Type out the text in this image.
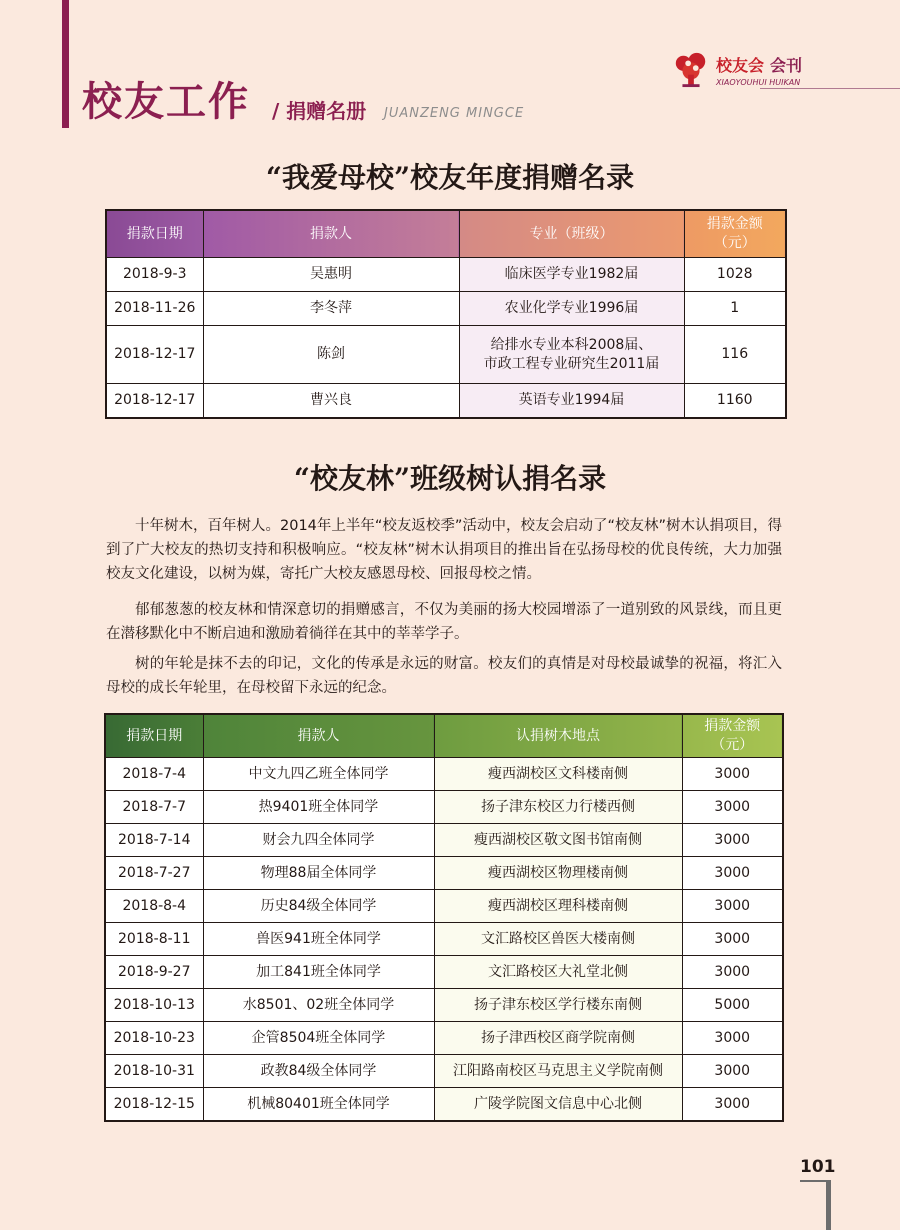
校友工作 / 捐赠名册 JUANZENG MINGCE
校友会 会刊
XIAOYOUHUI HUIKAN
“我爱母校”校友年度捐赠名录
捐款日期	捐款人	专业（班级）	捐款金额
（元）
2018-9-3	吴惠明	临床医学专业1982届	1028
2018-11-26	李冬萍	农业化学专业1996届	1
2018-12-17	陈剑	给排水专业本科2008届、
市政工程专业研究生2011届	116
2018-12-17	曹兴良	英语专业1994届	1160
“校友林”班级树认捐名录

十年树木，百年树人。2014年上半年“校友返校季”活动中，校友会启动了“校友林”树木认捐项目，得到了广大校友的热切支持和积极响应。“校友林”树木认捐项目的推出旨在弘扬母校的优良传统，大力加强校友文化建设，以树为媒，寄托广大校友感恩母校、回报母校之情。

郁郁葱葱的校友林和情深意切的捐赠感言，不仅为美丽的扬大校园增添了一道别致的风景线，而且更在潜移默化中不断启迪和激励着徜徉在其中的莘莘学子。

树的年轮是抹不去的印记，文化的传承是永远的财富。校友们的真情是对母校最诚挚的祝福，将汇入母校的成长年轮里，在母校留下永远的纪念。

捐款日期	捐款人	认捐树木地点	捐款金额
（元）
2018-7-4	中文九四乙班全体同学	瘦西湖校区文科楼南侧	3000
2018-7-7	热9401班全体同学	扬子津东校区力行楼西侧	3000
2018-7-14	财会九四全体同学	瘦西湖校区敬文图书馆南侧	3000
2018-7-27	物理88届全体同学	瘦西湖校区物理楼南侧	3000
2018-8-4	历史84级全体同学	瘦西湖校区理科楼南侧	3000
2018-8-11	兽医941班全体同学	文汇路校区兽医大楼南侧	3000
2018-9-27	加工841班全体同学	文汇路校区大礼堂北侧	3000
2018-10-13	水8501、02班全体同学	扬子津东校区学行楼东南侧	5000
2018-10-23	企管8504班全体同学	扬子津西校区商学院南侧	3000
2018-10-31	政教84级全体同学	江阳路南校区马克思主义学院南侧	3000
2018-12-15	机械80401班全体同学	广陵学院图文信息中心北侧	3000
101
